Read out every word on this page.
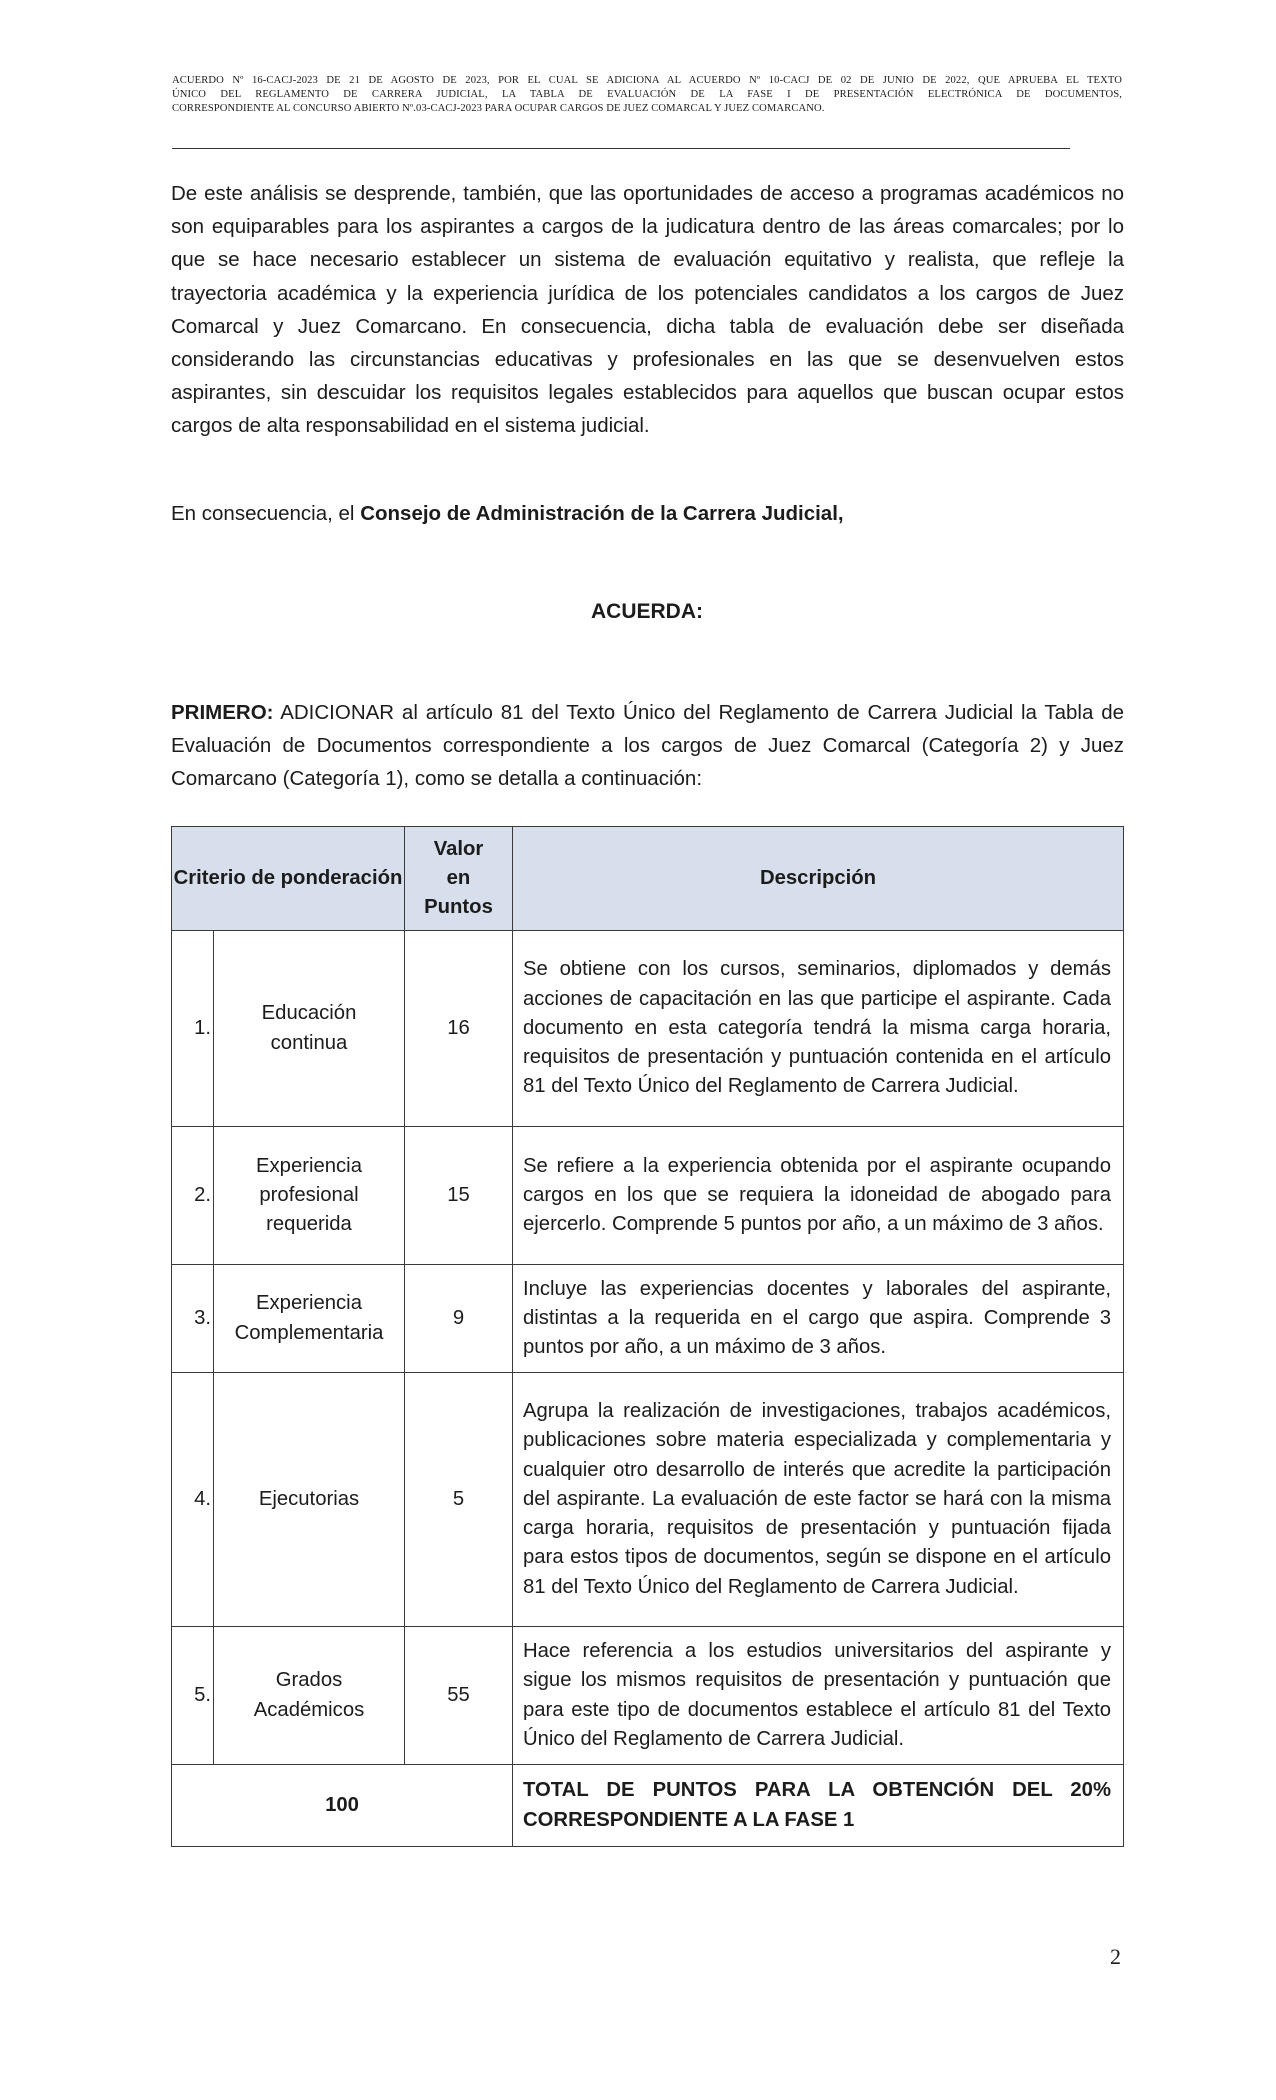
ACUERDO Nº 16-CACJ-2023 DE 21 DE AGOSTO DE 2023, POR EL CUAL SE ADICIONA AL ACUERDO Nº 10-CACJ DE 02 DE JUNIO DE 2022, QUE APRUEBA EL TEXTO

ÚNICO DEL REGLAMENTO DE CARRERA JUDICIAL, LA TABLA DE EVALUACIÓN DE LA FASE I DE PRESENTACIÓN ELECTRÓNICA DE DOCUMENTOS,

CORRESPONDIENTE AL CONCURSO ABIERTO Nº.03-CACJ-2023 PARA OCUPAR CARGOS DE JUEZ COMARCAL Y JUEZ COMARCANO.

De este análisis se desprende, también, que las oportunidades de acceso a programas académicos no son equiparables para los aspirantes a cargos de la judicatura dentro de las áreas comarcales; por lo que se hace necesario establecer un sistema de evaluación equitativo y realista, que refleje la trayectoria académica y la experiencia jurídica de los potenciales candidatos a los cargos de Juez Comarcal y Juez Comarcano. En consecuencia, dicha tabla de evaluación debe ser diseñada considerando las circunstancias educativas y profesionales en las que se desenvuelven estos aspirantes, sin descuidar los requisitos legales establecidos para aquellos que buscan ocupar estos cargos de alta responsabilidad en el sistema judicial.

En consecuencia, el Consejo de Administración de la Carrera Judicial,

ACUERDA:

PRIMERO: ADICIONAR al artículo 81 del Texto Único del Reglamento de Carrera Judicial la Tabla de Evaluación de Documentos correspondiente a los cargos de Juez Comarcal (Categoría 2) y Juez Comarcano (Categoría 1), como se detalla a continuación:

Criterio de ponderación		Valor en Puntos	Descripción
1.	Educación continua	16	Se obtiene con los cursos, seminarios, diplomados y demás acciones de capacitación en las que participe el aspirante. Cada documento en esta categoría tendrá la misma carga horaria, requisitos de presentación y puntuación contenida en el artículo 81 del Texto Único del Reglamento de Carrera Judicial.
2.	Experiencia profesional requerida	15	Se refiere a la experiencia obtenida por el aspirante ocupando cargos en los que se requiera la idoneidad de abogado para ejercerlo. Comprende 5 puntos por año, a un máximo de 3 años.
3.	Experiencia Complementaria	9	Incluye las experiencias docentes y laborales del aspirante, distintas a la requerida en el cargo que aspira. Comprende 3 puntos por año, a un máximo de 3 años.
4.	Ejecutorias	5	Agrupa la realización de investigaciones, trabajos académicos, publicaciones sobre materia especializada y complementaria y cualquier otro desarrollo de interés que acredite la participación del aspirante. La evaluación de este factor se hará con la misma carga horaria, requisitos de presentación y puntuación fijada para estos tipos de documentos, según se dispone en el artículo 81 del Texto Único del Reglamento de Carrera Judicial.
5.	Grados Académicos	55	Hace referencia a los estudios universitarios del aspirante y sigue los mismos requisitos de presentación y puntuación que para este tipo de documentos establece el artículo 81 del Texto Único del Reglamento de Carrera Judicial.
100			TOTAL DE PUNTOS PARA LA OBTENCIÓN DEL 20% CORRESPONDIENTE A LA FASE 1
2
